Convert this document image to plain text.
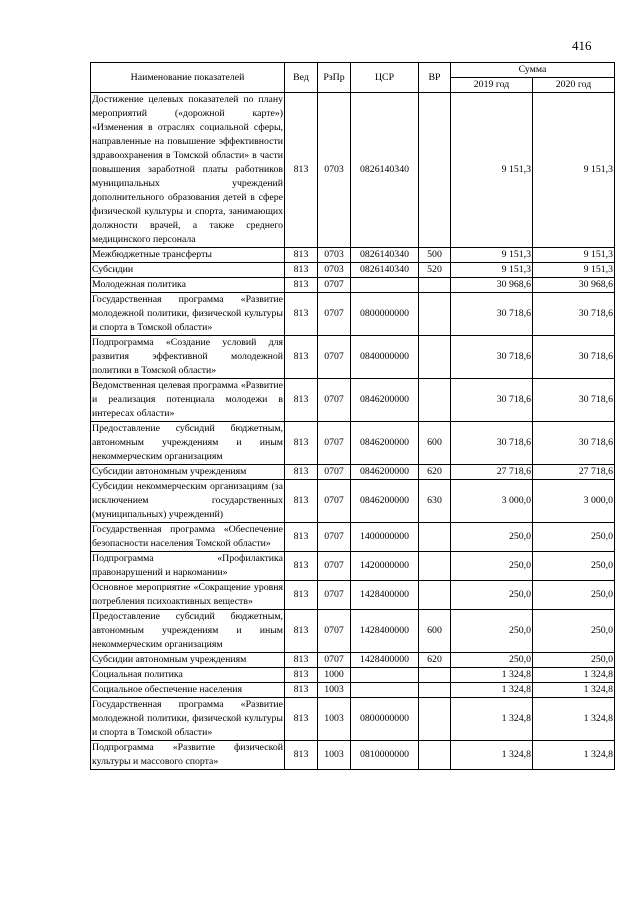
416
Наименование показателей	Вед	РзПр	ЦСР	ВР	Сумма	
					2019 год	2020 год
Достижение целевых показателей по плану мероприятий («дорожной карте») «Изменения в отраслях социальной сферы, направленные на повышение эффективности здравоохранения в Томской области» в части повышения заработной платы работников муниципальных учреждений дополнительного образования детей в сфере физической культуры и спорта, занимающих должности врачей, а также среднего медицинского персонала	813	0703	0826140340		9 151,3	9 151,3
Межбюджетные трансферты	813	0703	0826140340	500	9 151,3	9 151,3
Субсидии	813	0703	0826140340	520	9 151,3	9 151,3
Молодежная политика	813	0707			30 968,6	30 968,6
Государственная программа «Развитие молодежной политики, физической культуры и спорта в Томской области»	813	0707	0800000000		30 718,6	30 718,6
Подпрограмма «Создание условий для развития эффективной молодежной политики в Томской области»	813	0707	0840000000		30 718,6	30 718,6
Ведомственная целевая программа «Развитие и реализация потенциала молодежи в интересах области»	813	0707	0846200000		30 718,6	30 718,6
Предоставление субсидий бюджетным, автономным учреждениям и иным некоммерческим организациям	813	0707	0846200000	600	30 718,6	30 718,6
Субсидии автономным учреждениям	813	0707	0846200000	620	27 718,6	27 718,6
Субсидии некоммерческим организациям (за исключением государственных (муниципальных) учреждений)	813	0707	0846200000	630	3 000,0	3 000,0
Государственная программа «Обеспечение безопасности населения Томской области»	813	0707	1400000000		250,0	250,0
Подпрограмма «Профилактика правонарушений и наркомании»	813	0707	1420000000		250,0	250,0
Основное мероприятие «Сокращение уровня потребления психоактивных веществ»	813	0707	1428400000		250,0	250,0
Предоставление субсидий бюджетным, автономным учреждениям и иным некоммерческим организациям	813	0707	1428400000	600	250,0	250,0
Субсидии автономным учреждениям	813	0707	1428400000	620	250,0	250,0
Социальная политика	813	1000			1 324,8	1 324,8
Социальное обеспечение населения	813	1003			1 324,8	1 324,8
Государственная программа «Развитие молодежной политики, физической культуры и спорта в Томской области»	813	1003	0800000000		1 324,8	1 324,8
Подпрограмма «Развитие физической культуры и массового спорта»	813	1003	0810000000		1 324,8	1 324,8
